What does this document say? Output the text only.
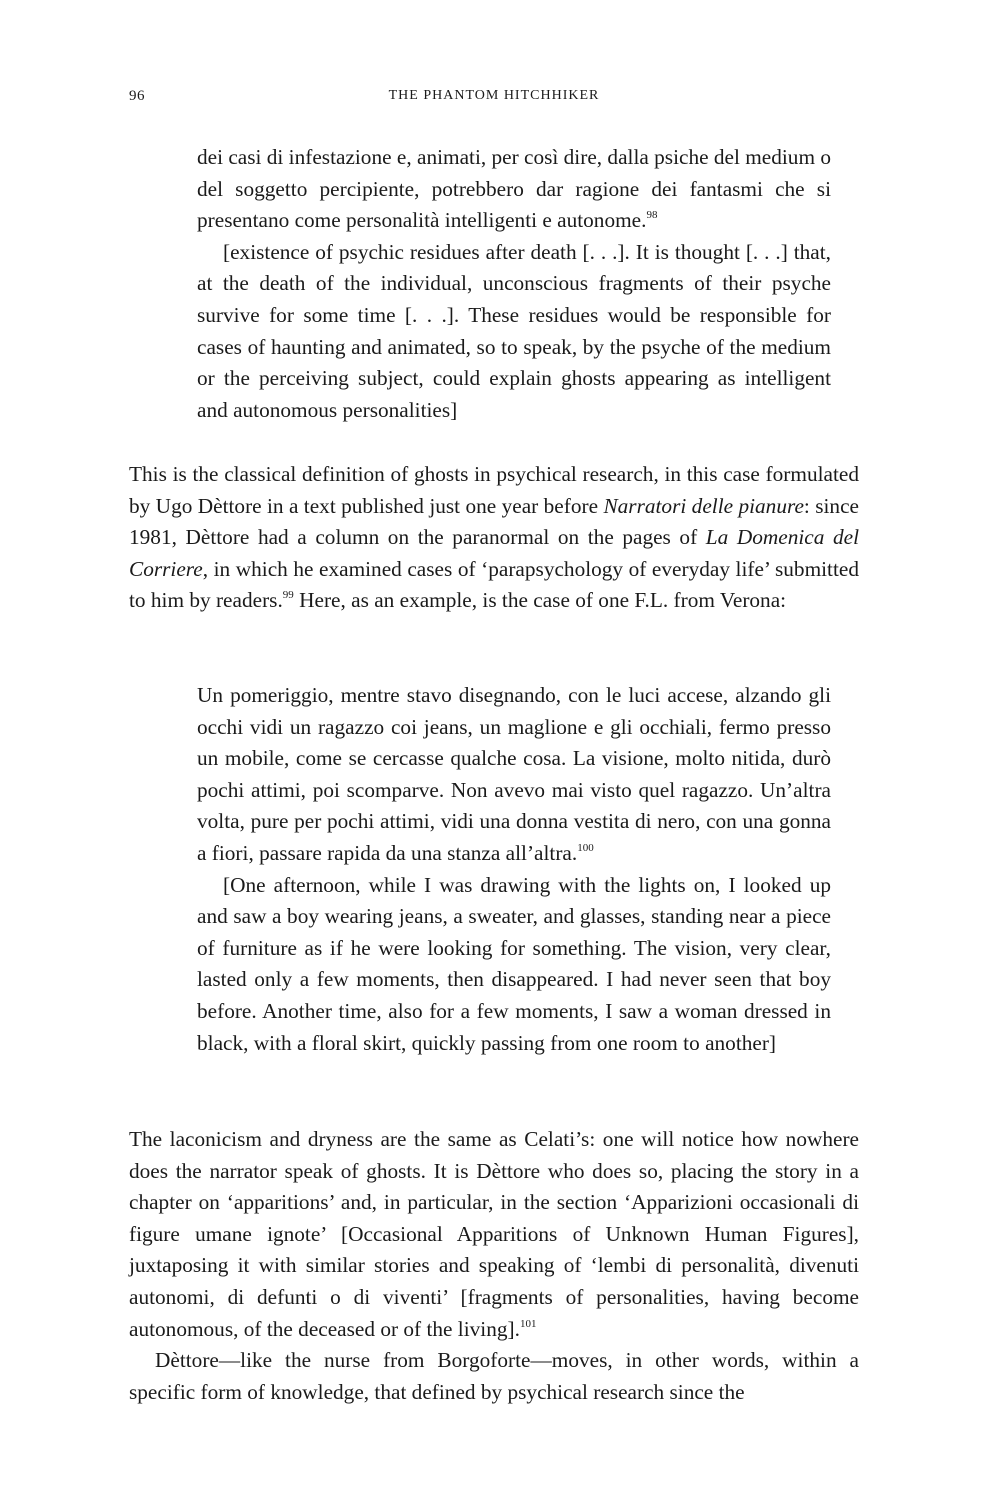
96	THE PHANTOM HITCHHIKER

dei casi di infestazione e, animati, per così dire, dalla psiche del medium o del soggetto percipiente, potrebbero dar ragione dei fantasmi che si presentano come personalità intelligenti e autonome.$^{98}$

[existence of psychic residues after death [. . .]. It is thought [. . .] that, at the death of the individual, unconscious fragments of their psyche survive for some time [. . .]. These residues would be responsible for cases of haunting and animated, so to speak, by the psyche of the medium or the perceiving subject, could explain ghosts appearing as intelligent and autonomous personalities]

This is the classical definition of ghosts in psychical research, in this case formulated by Ugo Dèttore in a text published just one year before Narratori delle pianure: since 1981, Dèttore had a column on the paranormal on the pages of La Domenica del Corriere, in which he examined cases of ‘parapsychology of everyday life’ submitted to him by readers.$^{99}$ Here, as an example, is the case of one F.L. from Verona:

Un pomeriggio, mentre stavo disegnando, con le luci accese, alzando gli occhi vidi un ragazzo coi jeans, un maglione e gli occhiali, fermo presso un mobile, come se cercasse qualche cosa. La visione, molto nitida, durò pochi attimi, poi scomparve. Non avevo mai visto quel ragazzo. Un’altra volta, pure per pochi attimi, vidi una donna vestita di nero, con una gonna a fiori, passare rapida da una stanza all’altra.$^{100}$

[One afternoon, while I was drawing with the lights on, I looked up and saw a boy wearing jeans, a sweater, and glasses, standing near a piece of furniture as if he were looking for something. The vision, very clear, lasted only a few moments, then disappeared. I had never seen that boy before. Another time, also for a few moments, I saw a woman dressed in black, with a floral skirt, quickly passing from one room to another]

The laconicism and dryness are the same as Celati’s: one will notice how nowhere does the narrator speak of ghosts. It is Dèttore who does so, placing the story in a chapter on ‘apparitions’ and, in particular, in the section ‘Apparizioni occasionali di figure umane ignote’ [Occasional Apparitions of Unknown Human Figures], juxtaposing it with similar stories and speaking of ‘lembi di personalità, divenuti autonomi, di defunti o di viventi’ [fragments of personalities, having become autonomous, of the deceased or of the living].$^{101}$

Dèttore—like the nurse from Borgoforte—moves, in other words, within a specific form of knowledge, that defined by psychical research since the
